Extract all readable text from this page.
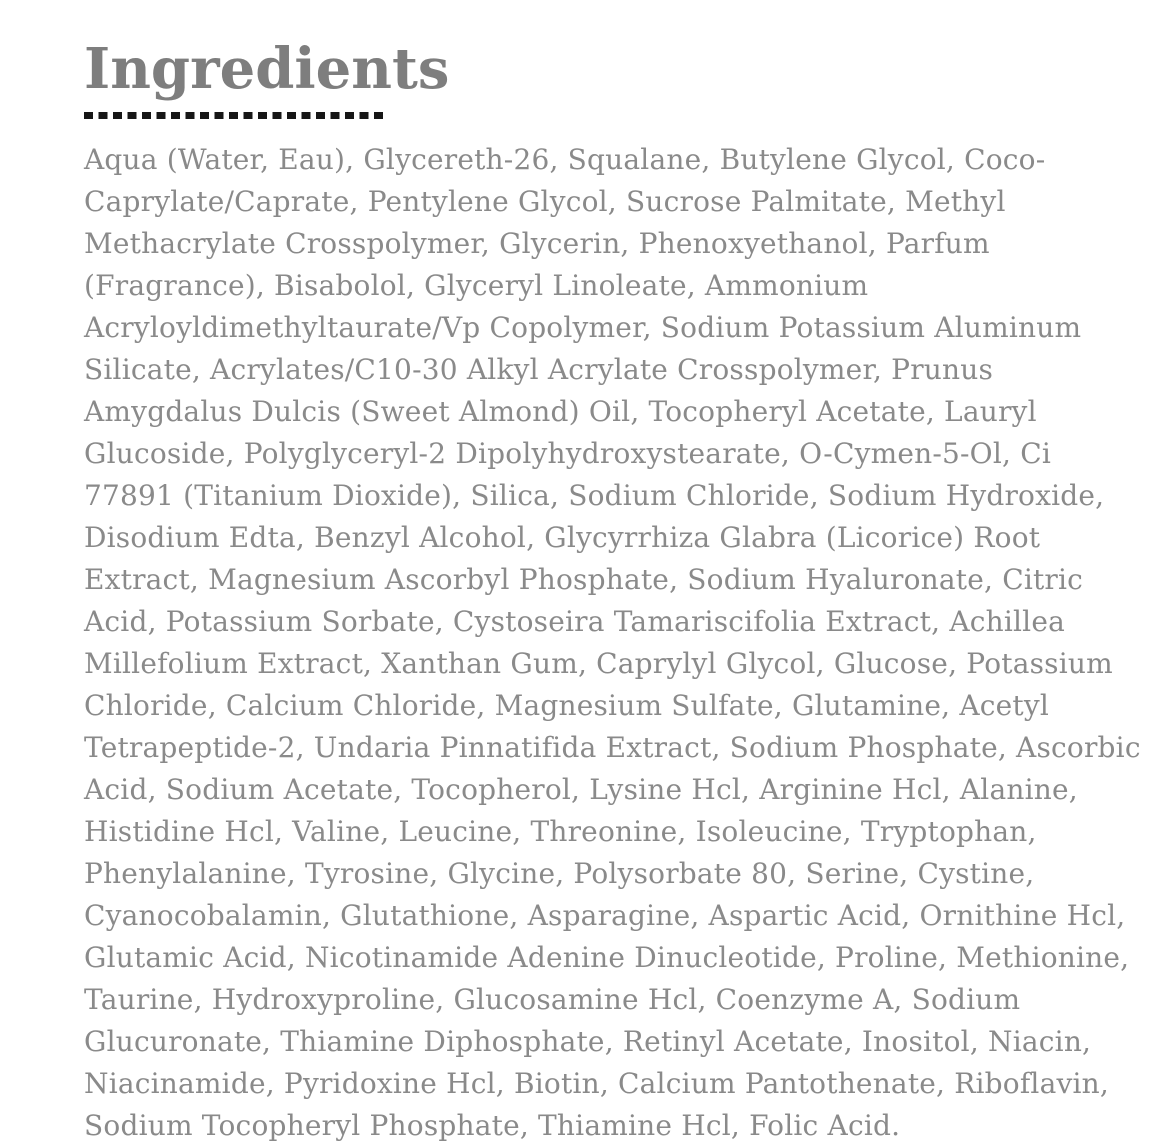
Ingredients
Aqua (Water, Eau), Glycereth-26, Squalane, Butylene Glycol, Coco-
Caprylate/Caprate, Pentylene Glycol, Sucrose Palmitate, Methyl
Methacrylate Crosspolymer, Glycerin, Phenoxyethanol, Parfum
(Fragrance), Bisabolol, Glyceryl Linoleate, Ammonium
Acryloyldimethyltaurate/Vp Copolymer, Sodium Potassium Aluminum
Silicate, Acrylates/C10-30 Alkyl Acrylate Crosspolymer, Prunus
Amygdalus Dulcis (Sweet Almond) Oil, Tocopheryl Acetate, Lauryl
Glucoside, Polyglyceryl-2 Dipolyhydroxystearate, O-Cymen-5-Ol, Ci
77891 (Titanium Dioxide), Silica, Sodium Chloride, Sodium Hydroxide,
Disodium Edta, Benzyl Alcohol, Glycyrrhiza Glabra (Licorice) Root
Extract, Magnesium Ascorbyl Phosphate, Sodium Hyaluronate, Citric
Acid, Potassium Sorbate, Cystoseira Tamariscifolia Extract, Achillea
Millefolium Extract, Xanthan Gum, Caprylyl Glycol, Glucose, Potassium
Chloride, Calcium Chloride, Magnesium Sulfate, Glutamine, Acetyl
Tetrapeptide-2, Undaria Pinnatifida Extract, Sodium Phosphate, Ascorbic
Acid, Sodium Acetate, Tocopherol, Lysine Hcl, Arginine Hcl, Alanine,
Histidine Hcl, Valine, Leucine, Threonine, Isoleucine, Tryptophan,
Phenylalanine, Tyrosine, Glycine, Polysorbate 80, Serine, Cystine,
Cyanocobalamin, Glutathione, Asparagine, Aspartic Acid, Ornithine Hcl,
Glutamic Acid, Nicotinamide Adenine Dinucleotide, Proline, Methionine,
Taurine, Hydroxyproline, Glucosamine Hcl, Coenzyme A, Sodium
Glucuronate, Thiamine Diphosphate, Retinyl Acetate, Inositol, Niacin,
Niacinamide, Pyridoxine Hcl, Biotin, Calcium Pantothenate, Riboflavin,
Sodium Tocopheryl Phosphate, Thiamine Hcl, Folic Acid.
